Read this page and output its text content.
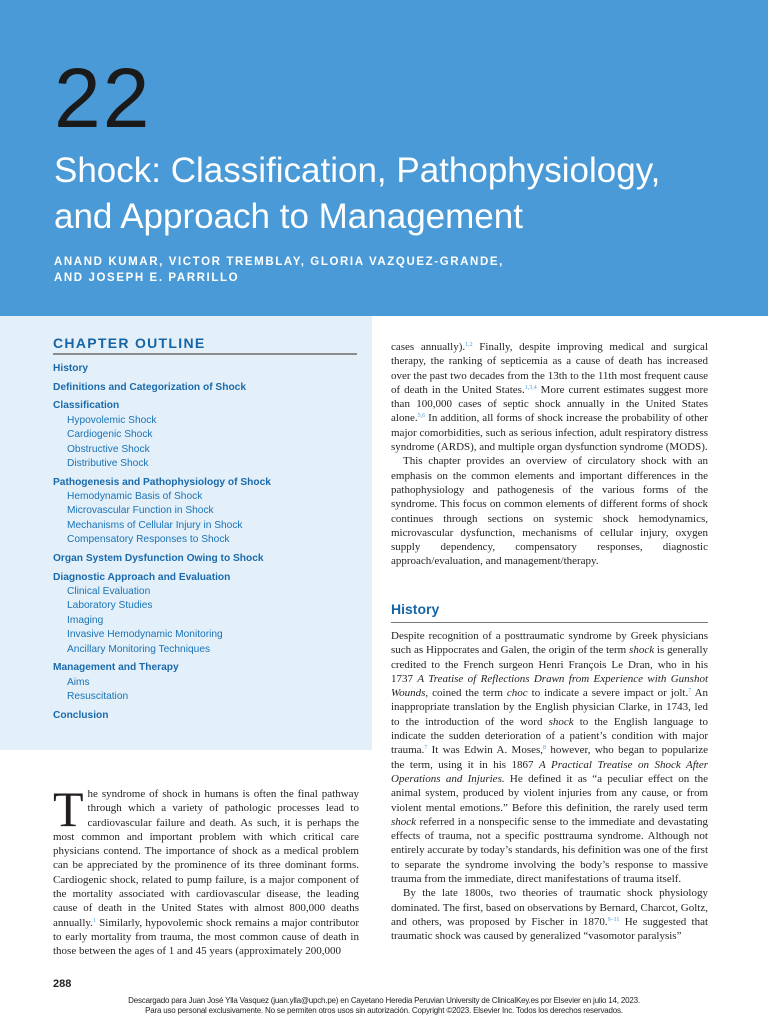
22
Shock: Classification, Pathophysiology,
and Approach to Management
ANAND KUMAR, VICTOR TREMBLAY, GLORIA VAZQUEZ-GRANDE,
AND JOSEPH E. PARRILLO
CHAPTER OUTLINE
History
Definitions and Categorization of Shock
Classification
Hypovolemic Shock
Cardiogenic Shock
Obstructive Shock
Distributive Shock
Pathogenesis and Pathophysiology of Shock
Hemodynamic Basis of Shock
Microvascular Function in Shock
Mechanisms of Cellular Injury in Shock
Compensatory Responses to Shock
Organ System Dysfunction Owing to Shock
Diagnostic Approach and Evaluation
Clinical Evaluation
Laboratory Studies
Imaging
Invasive Hemodynamic Monitoring
Ancillary Monitoring Techniques
Management and Therapy
Aims
Resuscitation
Conclusion

The syndrome of shock in humans is often the final pathway through which a variety of pathologic processes lead to cardiovascular failure and death. As such, it is perhaps the most common and important problem with which critical care physicians contend. The importance of shock as a medical problem can be appreciated by the prominence of its three dominant forms. Cardiogenic shock, related to pump failure, is a major component of the mortality associated with cardiovascular disease, the leading cause of death in the United States with almost 800,000 deaths annually.$^1$ Similarly, hypovolemic shock remains a major contributor to early mortality from trauma, the most common cause of death in those between the ages of 1 and 45 years (approximately 200,000

cases annually).$^{1,2}$ Finally, despite improving medical and surgical therapy, the ranking of septicemia as a cause of death has increased over the past two decades from the 13th to the 11th most frequent cause of death in the United States.$^{1,3,4}$ More current estimates suggest more than 100,000 cases of septic shock annually in the United States alone.$^{5,6}$ In addition, all forms of shock increase the probability of other major comorbidities, such as serious infection, adult respiratory distress syndrome (ARDS), and multiple organ dysfunction syndrome (MODS).

This chapter provides an overview of circulatory shock with an emphasis on the common elements and important differences in the pathophysiology and pathogenesis of the various forms of the syndrome. This focus on common elements of different forms of shock continues through sections on systemic shock hemodynamics, microvascular dysfunction, mechanisms of cellular injury, oxygen supply dependency, compensatory responses, diagnostic approach/evaluation, and management/therapy.

History

Despite recognition of a posttraumatic syndrome by Greek physicians such as Hippocrates and Galen, the origin of the term shock is generally credited to the French surgeon Henri François Le Dran, who in his 1737 A Treatise of Reflections Drawn from Experience with Gunshot Wounds, coined the term choc to indicate a severe impact or jolt.$^7$ An inappropriate translation by the English physician Clarke, in 1743, led to the introduction of the word shock to the English language to indicate the sudden deterioration of a patient’s condition with major trauma.$^7$ It was Edwin A. Moses,$^8$ however, who began to popularize the term, using it in his 1867 A Practical Treatise on Shock After Operations and Injuries. He defined it as “a peculiar effect on the animal system, produced by violent injuries from any cause, or from violent mental emotions.” Before this definition, the rarely used term shock referred in a nonspecific sense to the immediate and devastating effects of trauma, not a specific posttrauma syndrome. Although not entirely accurate by today’s standards, his definition was one of the first to separate the syndrome involving the body’s response to massive trauma from the immediate, direct manifestations of trauma itself.

By the late 1800s, two theories of traumatic shock physiology dominated. The first, based on observations by Bernard, Charcot, Goltz, and others, was proposed by Fischer in 1870.$^{9-11}$ He suggested that traumatic shock was caused by generalized “vasomotor paralysis”

288
Descargado para Juan José Ylla Vasquez (juan.ylla@upch.pe) en Cayetano Heredia Peruvian University de ClinicalKey.es por Elsevier en julio 14, 2023.
Para uso personal exclusivamente. No se permiten otros usos sin autorización. Copyright ©2023. Elsevier Inc. Todos los derechos reservados.
